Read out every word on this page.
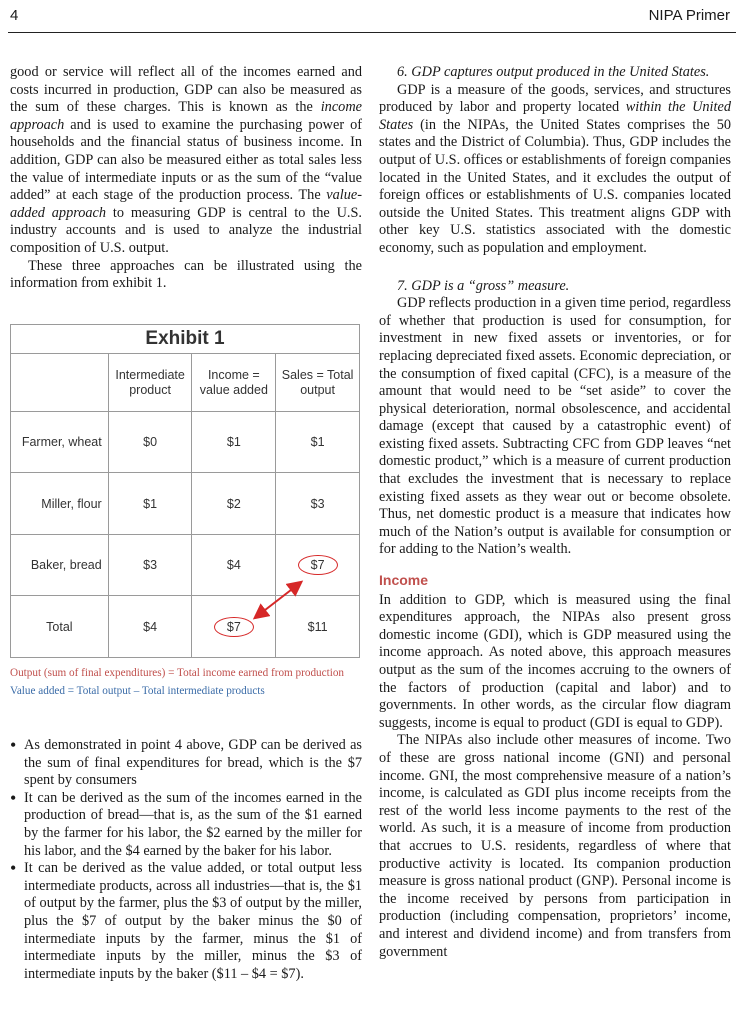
4	NIPA Primer

good or service will reflect all of the incomes earned and costs incurred in production, GDP can also be measured as the sum of these charges. This is known as the income approach and is used to examine the purchasing power of households and the financial status of business income. In addition, GDP can also be measured either as total sales less the value of intermediate inputs or as the sum of the “value added” at each stage of the production process. The value-added approach to measuring GDP is central to the U.S. industry accounts and is used to analyze the industrial composition of U.S. output.

These three approaches can be illustrated using the information from exhibit 1.

Exhibit 1			
	Intermediate product	Income = value added	Sales = Total output
Farmer, wheat	$0	$1	$1
Miller, flour	$1	$2	$3
Baker, bread	$3	$4	$7
Total	$4	$7	$11
Output (sum of final expenditures) = Total income earned from production
Value added = Total output – Total intermediate products

• As demonstrated in point 4 above, GDP can be derived as the sum of final expenditures for bread, which is the $7 spent by consumers

• It can be derived as the sum of the incomes earned in the production of bread—that is, as the sum of the $1 earned by the farmer for his labor, the $2 earned by the miller for his labor, and the $4 earned by the baker for his labor.

• It can be derived as the value added, or total output less intermediate products, across all industries—that is, the $1 of output by the farmer, plus the $3 of output by the miller, plus the $7 of output by the baker minus the $0 of intermediate inputs by the farmer, minus the $1 of intermediate inputs by the miller, minus the $3 of intermediate inputs by the baker ($11 – $4 = $7).

6. GDP captures output produced in the United States.

GDP is a measure of the goods, services, and structures produced by labor and property located within the United States (in the NIPAs, the United States comprises the 50 states and the District of Columbia). Thus, GDP includes the output of U.S. offices or establishments of foreign companies located in the United States, and it excludes the output of foreign offices or establishments of U.S. companies located outside the United States. This treatment aligns GDP with other key U.S. statistics associated with the domestic economy, such as population and employment.

7. GDP is a “gross” measure.

GDP reflects production in a given time period, regardless of whether that production is used for consumption, for investment in new fixed assets or inventories, or for replacing depreciated fixed assets. Economic depreciation, or the consumption of fixed capital (CFC), is a measure of the amount that would need to be “set aside” to cover the physical deterioration, normal obsolescence, and accidental damage (except that caused by a catastrophic event) of existing fixed assets. Subtracting CFC from GDP leaves “net domestic product,” which is a measure of current production that excludes the investment that is necessary to replace existing fixed assets as they wear out or become obsolete. Thus, net domestic product is a measure that indicates how much of the Nation’s output is available for consumption or for adding to the Nation’s wealth.

Income

In addition to GDP, which is measured using the final expenditures approach, the NIPAs also present gross domestic income (GDI), which is GDP measured using the income approach. As noted above, this approach measures output as the sum of the incomes accruing to the owners of the factors of production (capital and labor) and to governments. In other words, as the circular flow diagram suggests, income is equal to product (GDI is equal to GDP).

The NIPAs also include other measures of income. Two of these are gross national income (GNI) and personal income. GNI, the most comprehensive measure of a nation’s income, is calculated as GDI plus income receipts from the rest of the world less income payments to the rest of the world. As such, it is a measure of income from production that accrues to U.S. residents, regardless of where that productive activity is located. Its companion production measure is gross national product (GNP). Personal income is the income received by persons from participation in production (including compensation, proprietors’ income, and interest and dividend income) and from transfers from government
